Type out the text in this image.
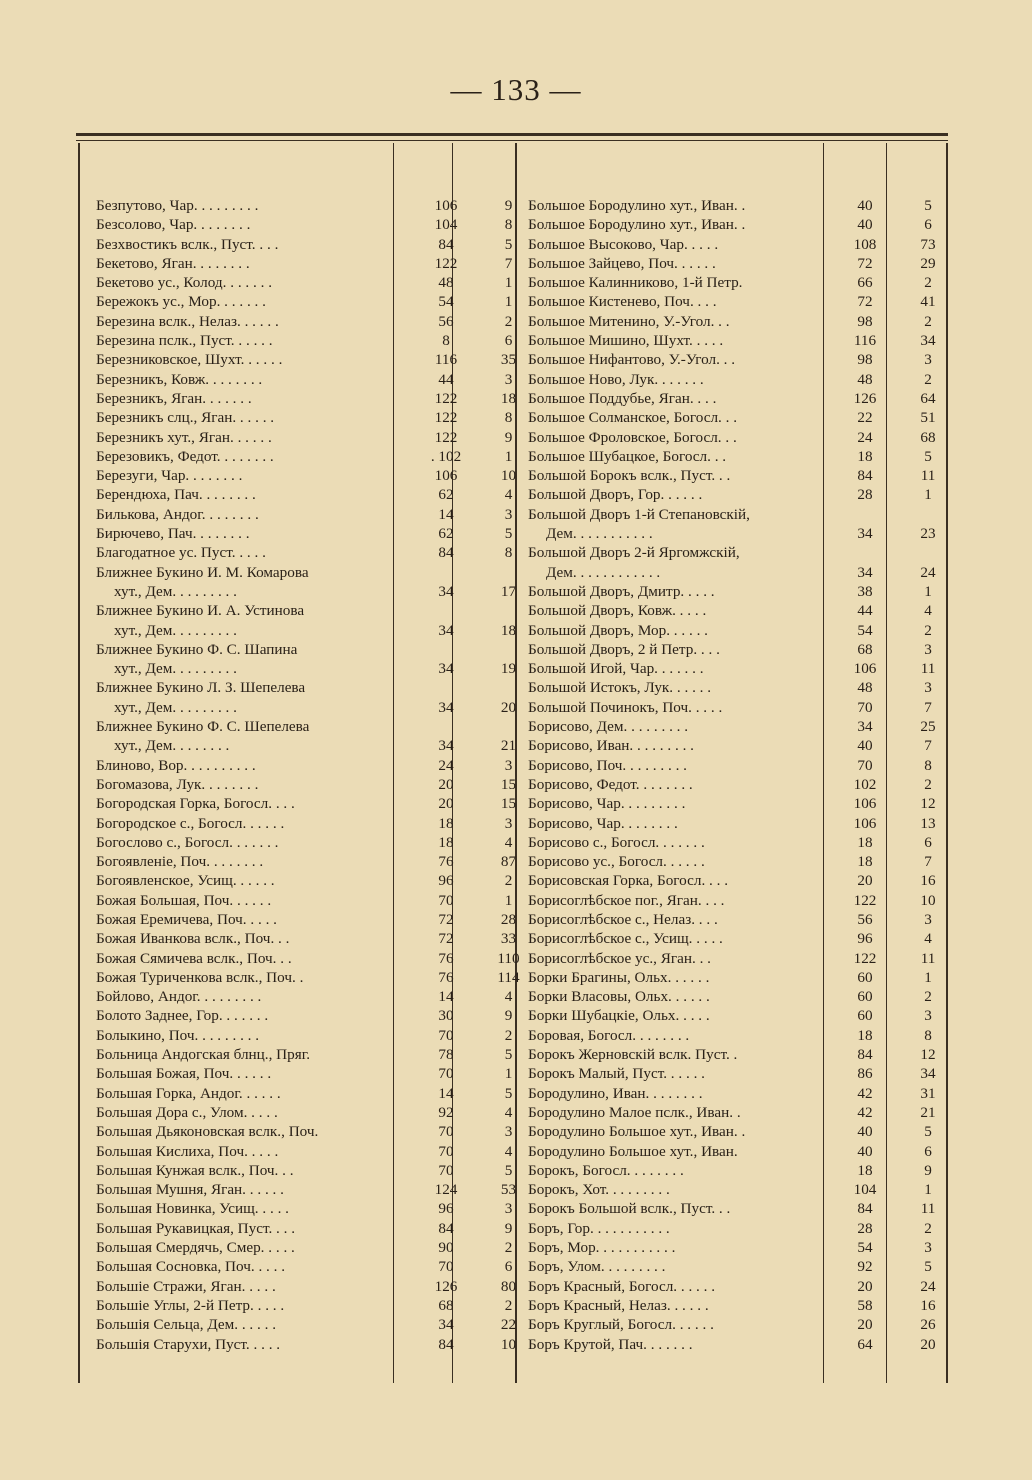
— 133 —
Безпутово, Чар. . . . . . . . .	106	9
Безсолово, Чар. . . . . . . .	104	8
Безхвостикъ вслк., Пуст. . . .	84	5
Бекетово, Яган. . . . . . . .	122	7
Бекетово ус., Колод. . . . . . .	48	1
Бережокъ ус., Мор. . . . . . .	54	1
Березина вслк., Нелаз. . . . . .	56	2
Березина пслк., Пуст. . . . . .	8	6
Березниковское, Шухт. . . . . .	116	35
Березникъ, Ковж. . . . . . . .	44	3
Березникъ, Яган. . . . . . .	122	18
Березникъ слц., Яган. . . . . .	122	8
Березникъ хут., Яган. . . . . .	122	9
Березовикъ, Федот. . . . . . . .	. 102	1
Березуги, Чар. . . . . . . .	106	10
Берендюха, Пач. . . . . . . .	62	4
Билькова, Андог. . . . . . . .	14	3
Бирючево, Пач. . . . . . . .	62	5
Благодатное ус. Пуст. . . . .	84	8
Ближнее Букино И. М. Комарова
хут., Дем. . . . . . . . .	34	17
Ближнее Букино И. А. Устинова
хут., Дем. . . . . . . . .	34	18
Ближнее Букино Ф. С. Шапина
хут., Дем. . . . . . . . .	34	19
Ближнее Букино Л. З. Шепелева
хут., Дем. . . . . . . . .	34	20
Ближнее Букино Ф. С. Шепелева
хут., Дем. . . . . . . .	34	21
Блиново, Вор. . . . . . . . . .	24	3
Богомазова, Лук. . . . . . . .	20	15
Богородская Горка, Богосл. . . .	20	15
Богородское с., Богосл. . . . . .	18	3
Богослово с., Богосл. . . . . . .	18	4
Богоявленіе, Поч. . . . . . . .	76	87
Богоявленское, Усищ. . . . . .	96	2
Божая Большая, Поч. . . . . .	70	1
Божая Еремичева, Поч. . . . .	72	28
Божая Иванкова вслк., Поч. . .	72	33
Божая Сямичева вслк., Поч. . .	76	110
Божая Туриченкова вслк., Поч. .	76	114
Бойлово, Андог. . . . . . . . .	14	4
Болото Заднее, Гор. . . . . . .	30	9
Болыкино, Поч. . . . . . . . .	70	2
Больница Андогская блнц., Пряг.	78	5
Большая Божая, Поч. . . . . .	70	1
Большая Горка, Андог. . . . . .	14	5
Большая Дора с., Улом. . . . .	92	4
Большая Дьяконовская вслк., Поч.	70	3
Большая Кислиха, Поч. . . . .	70	4
Большая Кунжая вслк., Поч. . .	70	5
Большая Мушня, Яган. . . . . .	124	53
Большая Новинка, Усищ. . . . .	96	3
Большая Рукавицкая, Пуст. . . .	84	9
Большая Смердячь, Смер. . . . .	90	2
Большая Сосновка, Поч. . . . .	70	6
Большіе Стражи, Яган. . . . .	126	80
Большіе Углы, 2-й Петр. . . . .	68	2
Большія Сельца, Дем. . . . . .	34	22
Большія Старухи, Пуст. . . . .	84	10
Большое Бородулино хут., Иван. .	40	5
Большое Бородулино хут., Иван. .	40	6
Большое Высоково, Чар. . . . .	108	73
Большое Зайцево, Поч. . . . . .	72	29
Большое Калинниково, 1-й Петр.	66	2
Большое Кистенево, Поч. . . .	72	41
Большое Митенино, У.-Угол. . .	98	2
Большое Мишино, Шухт. . . . .	116	34
Большое Нифантово, У.-Угол. . .	98	3
Большое Ново, Лук. . . . . . .	48	2
Большое Поддубье, Яган. . . .	126	64
Большое Солманское, Богосл. . .	22	51
Большое Фроловское, Богосл. . .	24	68
Большое Шубацкое, Богосл. . .	18	5
Большой Борокъ вслк., Пуст. . .	84	11
Большой Дворъ, Гор. . . . . .	28	1
Большой Дворъ 1-й Степановскій,
Дем. . . . . . . . . . .	34	23
Большой Дворъ 2-й Яргомжскій,
Дем. . . . . . . . . . . .	34	24
Большой Дворъ, Дмитр. . . . .	38	1
Большой Дворъ, Ковж. . . . .	44	4
Большой Дворъ, Мор. . . . . .	54	2
Большой Дворъ, 2 й Петр. . . .	68	3
Большой Игой, Чар. . . . . . .	106	11
Большой Истокъ, Лук. . . . . .	48	3
Большой Починокъ, Поч. . . . .	70	7
Борисово, Дем. . . . . . . . .	34	25
Борисово, Иван. . . . . . . . .	40	7
Борисово, Поч. . . . . . . . .	70	8
Борисово, Федот. . . . . . . .	102	2
Борисово, Чар. . . . . . . . .	106	12
Борисово, Чар. . . . . . . .	106	13
Борисово с., Богосл. . . . . . .	18	6
Борисово ус., Богосл. . . . . .	18	7
Борисовская Горка, Богосл. . . .	20	16
Борисоглѣбское пог., Яган. . . .	122	10
Борисоглѣбское с., Нелаз. . . .	56	3
Борисоглѣбское с., Усищ. . . . .	96	4
Борисоглѣбское ус., Яган. . .	122	11
Борки Брагины, Ольх. . . . . .	60	1
Борки Власовы, Ольх. . . . . .	60	2
Борки Шубацкіе, Ольх. . . . .	60	3
Боровая, Богосл. . . . . . . .	18	8
Борокъ Жерновскій вслк. Пуст. .	84	12
Борокъ Малый, Пуст. . . . . .	86	34
Бородулино, Иван. . . . . . . .	42	31
Бородулино Малое пслк., Иван. .	42	21
Бородулино Большое хут., Иван. .	40	5
Бородулино Большое хут., Иван.	40	6
Борокъ, Богосл. . . . . . . .	18	9
Борокъ, Хот. . . . . . . . .	104	1
Борокъ Большой вслк., Пуст. . .	84	11
Боръ, Гор. . . . . . . . . . .	28	2
Боръ, Мор. . . . . . . . . . .	54	3
Боръ, Улом. . . . . . . . .	92	5
Боръ Красный, Богосл. . . . . .	20	24
Боръ Красный, Нелаз. . . . . .	58	16
Боръ Круглый, Богосл. . . . . .	20	26
Боръ Крутой, Пач. . . . . . .	64	20
